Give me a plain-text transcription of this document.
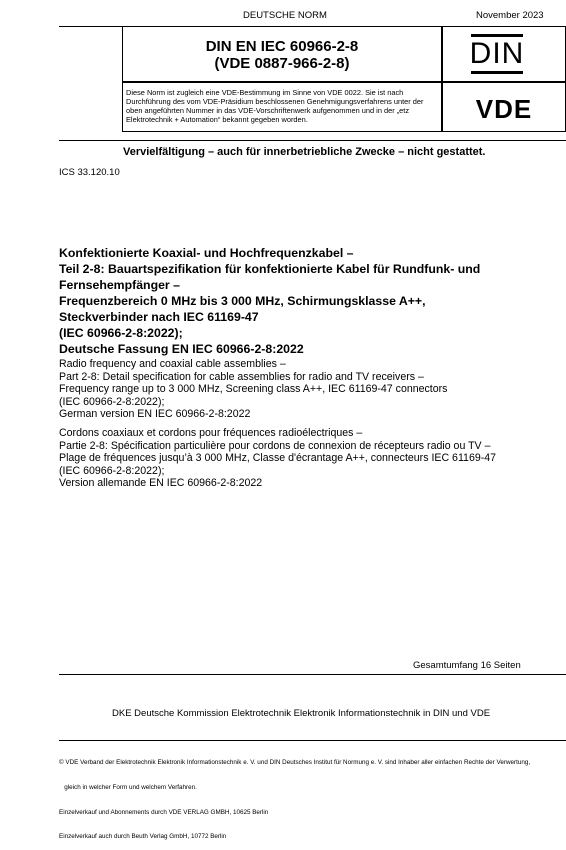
DEUTSCHE NORM	November 2023
DIN EN IEC 60966-2-8
(VDE 0887-966-2-8)	DIN
Diese Norm ist zugleich eine VDE-Bestimmung im Sinne von VDE 0022. Sie ist nach Durchführung des vom VDE-Präsidium beschlossenen Genehmigungsverfahrens unter der oben angeführten Nummer in das VDE-Vorschriftenwerk aufgenommen und in der „etz Elektrotechnik + Automation“ bekannt gegeben worden.	VDE
Vervielfältigung – auch für innerbetriebliche Zwecke – nicht gestattet.
ICS 33.120.10
Konfektionierte Koaxial- und Hochfrequenzkabel –
Teil 2-8: Bauartspezifikation für konfektionierte Kabel für Rundfunk- und
Fernsehempfänger –
Frequenzbereich 0 MHz bis 3 000 MHz, Schirmungsklasse A++,
Steckverbinder nach IEC 61169-47
(IEC 60966-2-8:2022);
Deutsche Fassung EN IEC 60966-2-8:2022
Radio frequency and coaxial cable assemblies –
Part 2-8: Detail specification for cable assemblies for radio and TV receivers –
Frequency range up to 3 000 MHz, Screening class A++, IEC 61169-47 connectors
(IEC 60966-2-8:2022);
German version EN IEC 60966-2-8:2022
Cordons coaxiaux et cordons pour fréquences radioélectriques –
Partie 2-8: Spécification particulière pour cordons de connexion de récepteurs radio ou TV –
Plage de fréquences jusqu’à 3 000 MHz, Classe d'écrantage A++, connecteurs IEC 61169-47
(IEC 60966-2-8:2022);
Version allemande EN IEC 60966-2-8:2022
Gesamtumfang 16 Seiten
DKE Deutsche Kommission Elektrotechnik Elektronik Informationstechnik in DIN und VDE

© VDE Verband der Elektrotechnik Elektronik Informationstechnik e. V. und DIN Deutsches Institut für Normung e. V. sind Inhaber aller einfachen Rechte der Verwertung,

gleich in welcher Form und welchem Verfahren.

Einzelverkauf und Abonnements durch VDE VERLAG GMBH, 10625 Berlin

Einzelverkauf auch durch Beuth Verlag GmbH, 10772 Berlin
